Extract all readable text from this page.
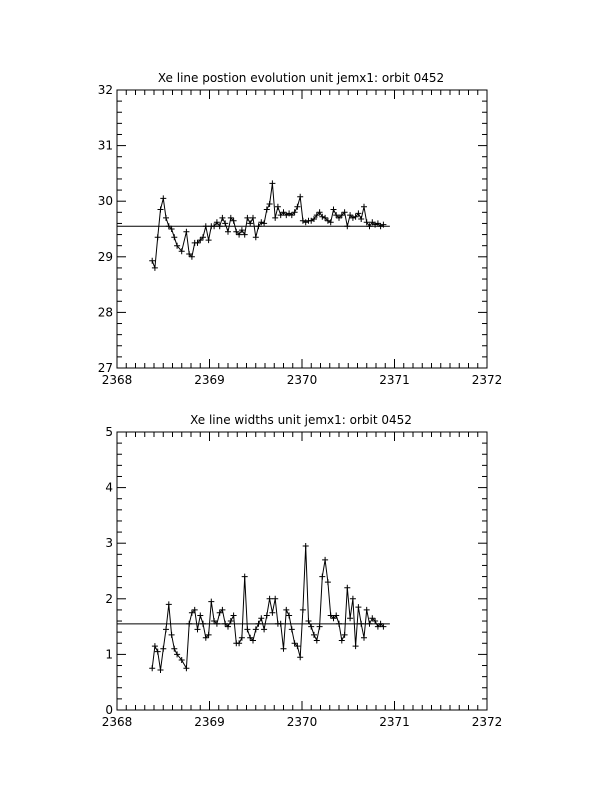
Xe line postion evolution unit jemx1: orbit 0452
2368	2369	2370	2371	2372
27
28
29
30
31
32
Xe line widths unit jemx1: orbit 0452
2368	2369	2370	2371	2372
0
1
2
3
4
5
